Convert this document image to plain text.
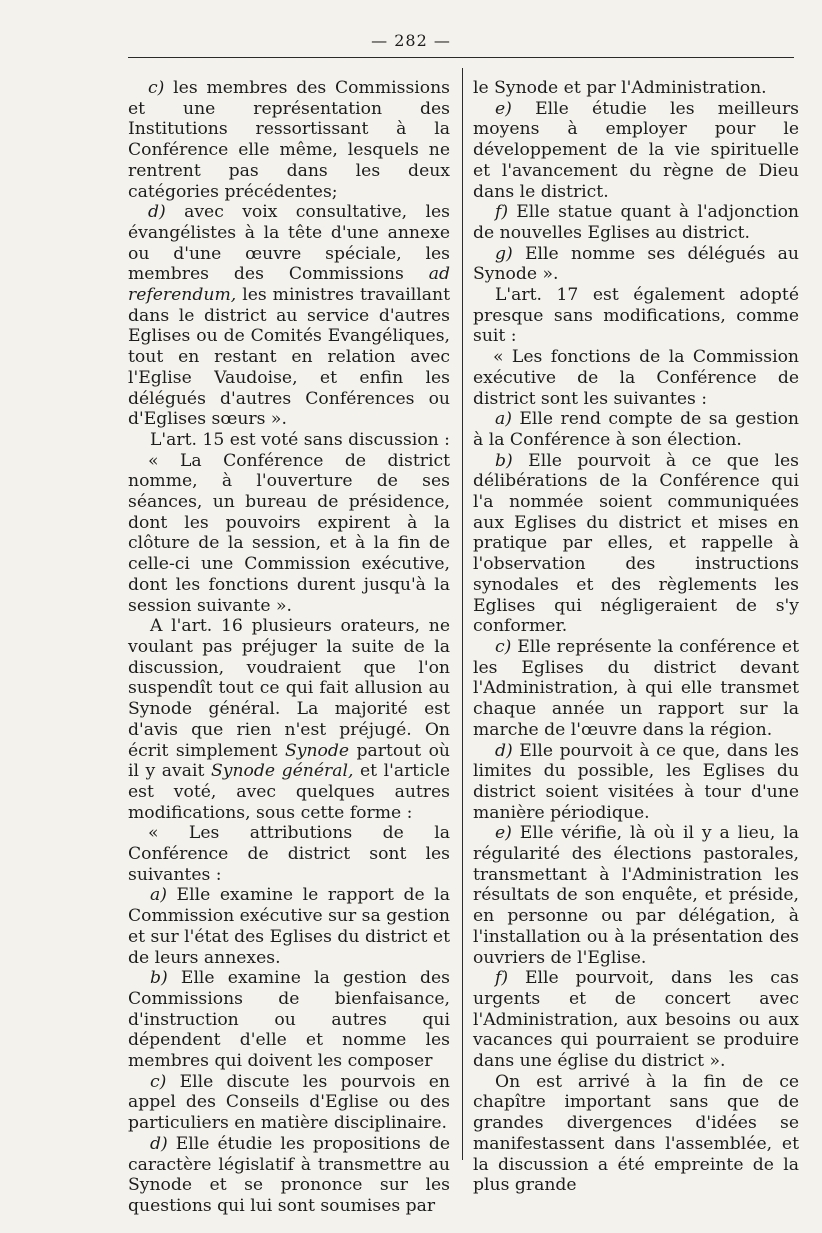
— 282 —

c) les membres des Commissions et une représentation des Institutions ressortissant à la Conférence elle même, lesquels ne rentrent pas dans les deux catégories précédentes;

d) avec voix consultative, les évangélistes à la tête d'une annexe ou d'une œuvre spéciale, les membres des Commissions ad referendum, les ministres travaillant dans le district au service d'autres Eglises ou de Comités Evangéliques, tout en restant en relation avec l'Eglise Vaudoise, et enfin les délégués d'autres Conférences ou d'Eglises sœurs ».

L'art. 15 est voté sans discussion :

« La Conférence de district nomme, à l'ouverture de ses séances, un bureau de présidence, dont les pouvoirs expirent à la clôture de la session, et à la fin de celle-ci une Commission exécutive, dont les fonctions durent jusqu'à la session suivante ».

A l'art. 16 plusieurs orateurs, ne voulant pas préjuger la suite de la discussion, voudraient que l'on suspendît tout ce qui fait allusion au Synode général. La majorité est d'avis que rien n'est préjugé. On écrit simplement Synode partout où il y avait Synode général, et l'article est voté, avec quelques autres modifications, sous cette forme :

« Les attributions de la Conférence de district sont les suivantes :

a) Elle examine le rapport de la Commission exécutive sur sa gestion et sur l'état des Eglises du district et de leurs annexes.

b) Elle examine la gestion des Commissions de bienfaisance, d'instruction ou autres qui dépendent d'elle et nomme les membres qui doivent les composer

c) Elle discute les pourvois en appel des Conseils d'Eglise ou des particuliers en matière disciplinaire.

d) Elle étudie les propositions de caractère législatif à transmettre au Synode et se prononce sur les questions qui lui sont soumises par

le Synode et par l'Administration.

e) Elle étudie les meilleurs moyens à employer pour le développement de la vie spirituelle et l'avancement du règne de Dieu dans le district.

f) Elle statue quant à l'adjonction de nouvelles Eglises au district.

g) Elle nomme ses délégués au Synode ».

L'art. 17 est également adopté presque sans modifications, comme suit :

« Les fonctions de la Commission exécutive de la Conférence de district sont les suivantes :

a) Elle rend compte de sa gestion à la Conférence à son élection.

b) Elle pourvoit à ce que les délibérations de la Conférence qui l'a nommée soient communiquées aux Eglises du district et mises en pratique par elles, et rappelle à l'observation des instructions synodales et des règlements les Eglises qui négligeraient de s'y conformer.

c) Elle représente la conférence et les Eglises du district devant l'Administration, à qui elle transmet chaque année un rapport sur la marche de l'œuvre dans la région.

d) Elle pourvoit à ce que, dans les limites du possible, les Eglises du district soient visitées à tour d'une manière périodique.

e) Elle vérifie, là où il y a lieu, la régularité des élections pastorales, transmettant à l'Administration les résultats de son enquête, et préside, en personne ou par délégation, à l'installation ou à la présentation des ouvriers de l'Eglise.

f) Elle pourvoit, dans les cas urgents et de concert avec l'Administration, aux besoins ou aux vacances qui pourraient se produire dans une église du district ».

On est arrivé à la fin de ce chapître important sans que de grandes divergences d'idées se manifestassent dans l'assemblée, et la discussion a été empreinte de la plus grande
